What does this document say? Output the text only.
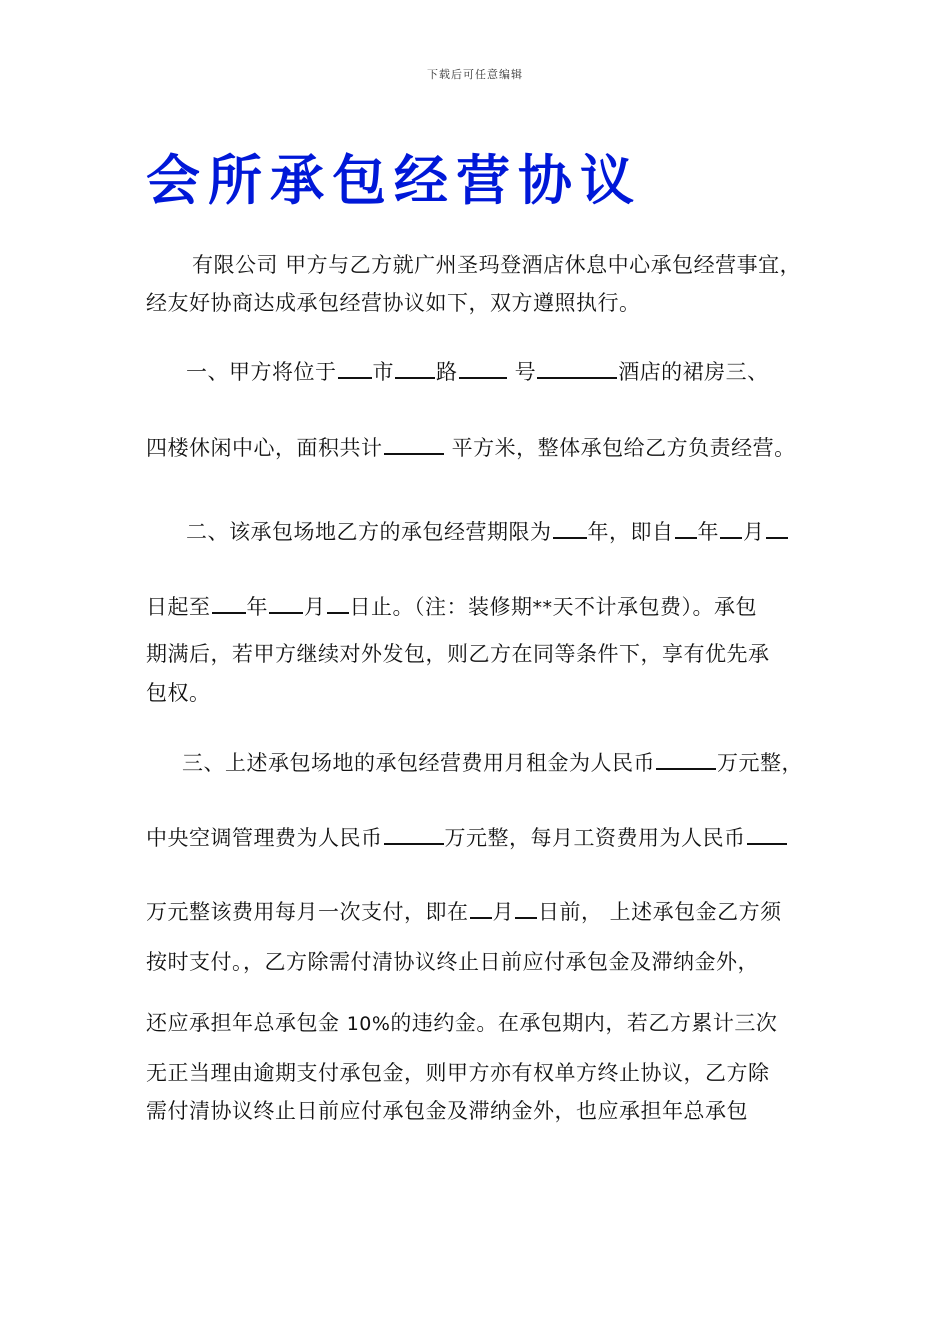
下载后可任意编辑
会所承包经营协议
有限公司 甲方与乙方就广州圣玛登酒店休息中心承包经营事宜，
经友好协商达成承包经营协议如下，双方遵照执行。
一、甲方将位于 市 路 号	酒店的裙房三、
四楼休闲中心，面积共计	平方米，整体承包给乙方负责经营。
二、该承包场地乙方的承包经营期限为 年，即自 年 月
日起至 年 月 日止。（注：装修期**天不计承包费）。承包
期满后，若甲方继续对外发包，则乙方在同等条件下，享有优先承
包权。
三、上述承包场地的承包经营费用月租金为人民币	万元整，
中央空调管理费为人民币	万元整，每月工资费用为人民币
万元整该费用每月一次支付，即在 月 日前， 上述承包金乙方须
按时支付。，乙方除需付清协议终止日前应付承包金及滞纳金外，
还应承担年总承包金 10%的违约金。在承包期内，若乙方累计三次
无正当理由逾期支付承包金，则甲方亦有权单方终止协议，乙方除
需付清协议终止日前应付承包金及滞纳金外，也应承担年总承包
